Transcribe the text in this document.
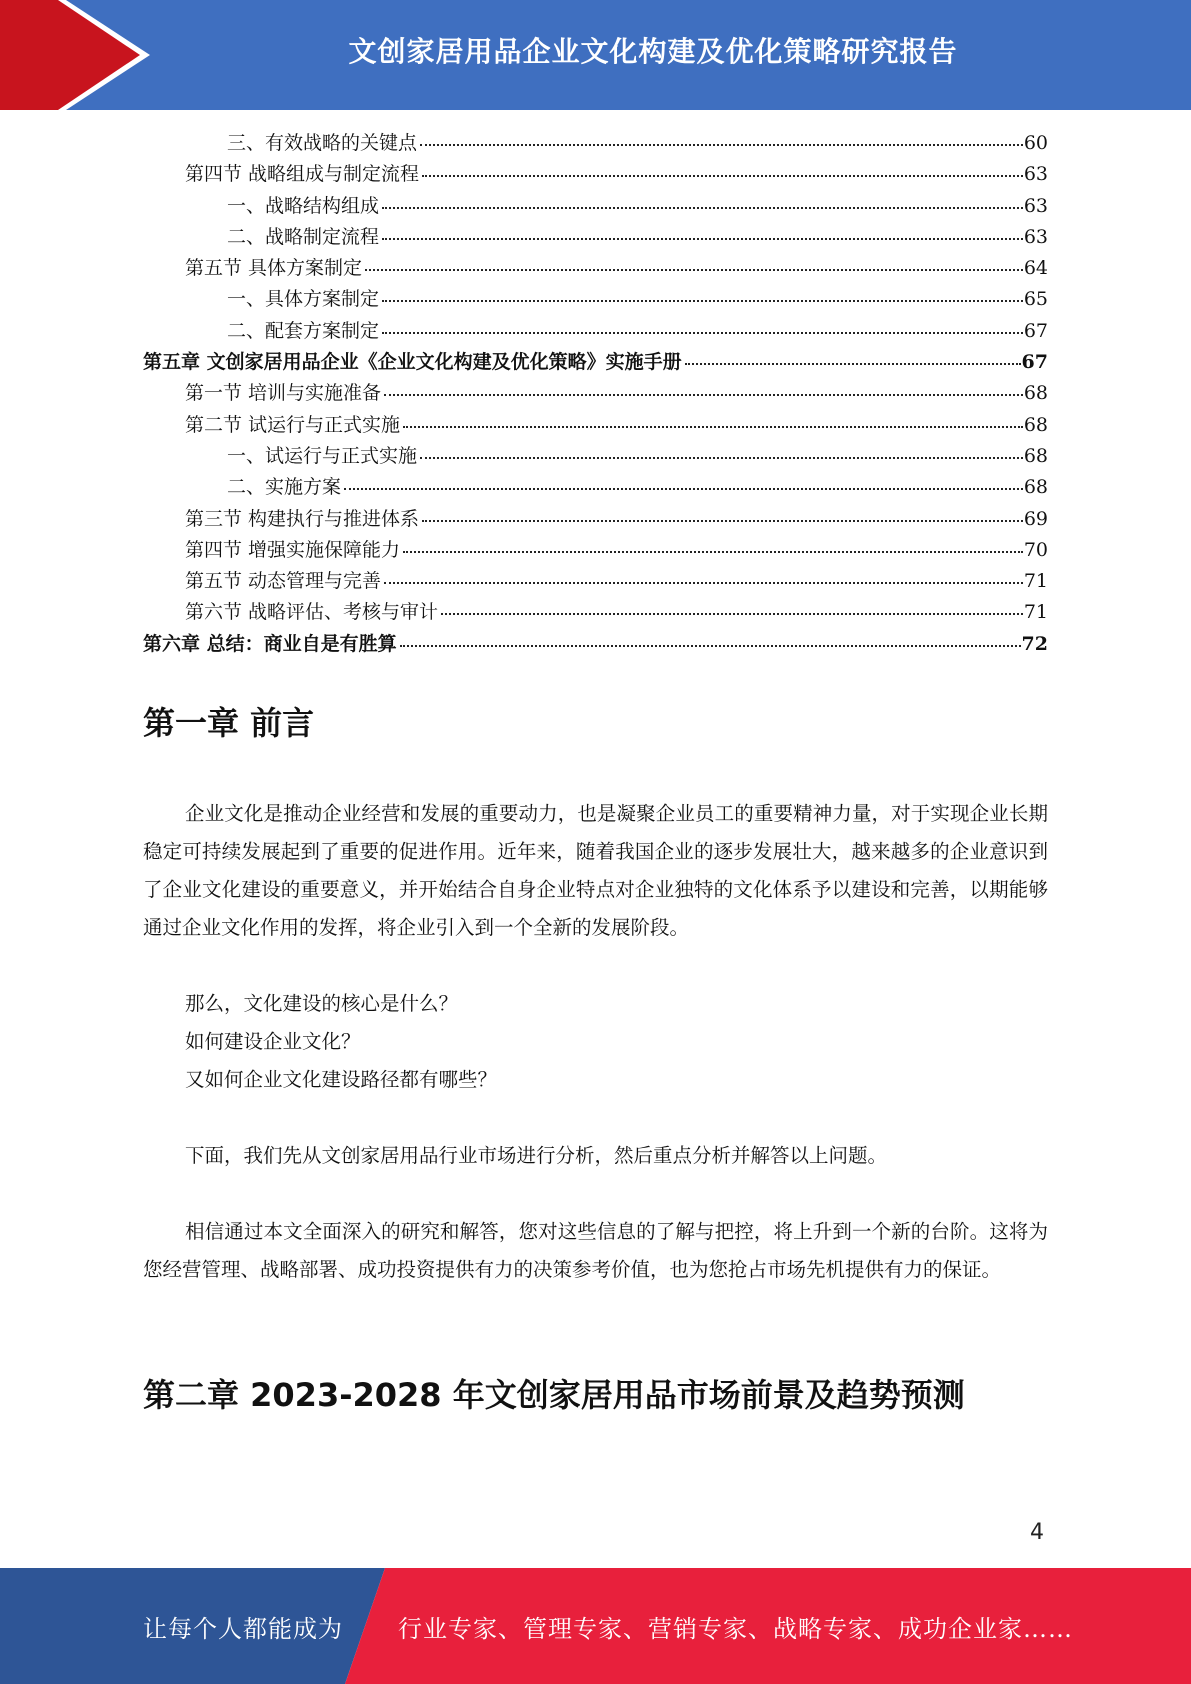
文创家居用品企业文化构建及优化策略研究报告
三、有效战略的关键点	60
第四节 战略组成与制定流程	63
一、战略结构组成	63
二、战略制定流程	63
第五节 具体方案制定	64
一、具体方案制定	65
二、配套方案制定	67
第五章 文创家居用品企业《企业文化构建及优化策略》实施手册	67
第一节 培训与实施准备	68
第二节 试运行与正式实施	68
一、试运行与正式实施	68
二、实施方案	68
第三节 构建执行与推进体系	69
第四节 增强实施保障能力	70
第五节 动态管理与完善	71
第六节 战略评估、考核与审计	71
第六章 总结：商业自是有胜算	72
第一章 前言
企业文化是推动企业经营和发展的重要动力，也是凝聚企业员工的重要精神力量，对于实现企业长期稳定可持续发展起到了重要的促进作用。近年来，随着我国企业的逐步发展壮大，越来越多的企业意识到了企业文化建设的重要意义，并开始结合自身企业特点对企业独特的文化体系予以建设和完善，以期能够通过企业文化作用的发挥，将企业引入到一个全新的发展阶段。
那么，文化建设的核心是什么？
如何建设企业文化？
又如何企业文化建设路径都有哪些？
下面，我们先从文创家居用品行业市场进行分析，然后重点分析并解答以上问题。
相信通过本文全面深入的研究和解答，您对这些信息的了解与把控，将上升到一个新的台阶。这将为您经营管理、战略部署、成功投资提供有力的决策参考价值，也为您抢占市场先机提供有力的保证。
第二章 2023-2028 年文创家居用品市场前景及趋势预测
4
让每个人都能成为 行业专家、管理专家、营销专家、战略专家、成功企业家……
